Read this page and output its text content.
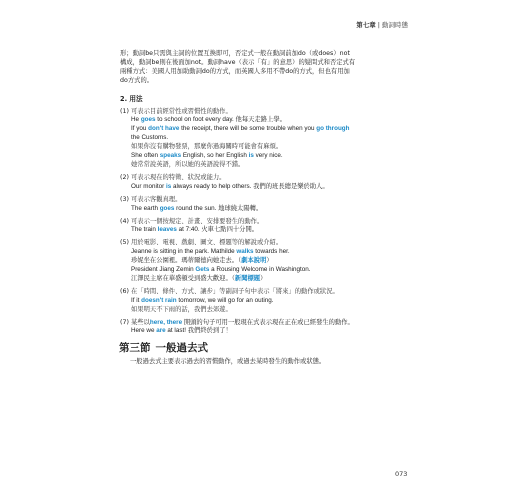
第七章 | 動詞時態

形；動詞be只需與主詞的位置互換即可，否定式一般在動詞前加do（或does）not
構成，動詞be則在後面加not。動詞have（表示「有」的意思）的疑問式和否定式有
兩種方式：美國人用加助動詞do的方式，而英國人多用不帶do的方式，但也有用加
do方式的。

2. 用法

(1) 可表示目前經常性或習慣性的動作。
He goes to school on foot every day. 他每天走路上學。
If you don't have the receipt, there will be some trouble when you go through
the Customs.
如果你沒有購物發票，那麼你過海關時可能會有麻煩。
She often speaks English, so her English is very nice.
她常常說英語，所以她的英語說得不錯。
(2) 可表示現在的特徵、狀況或能力。
Our monitor is always ready to help others. 我們的班長總是樂於助人。
(3) 可表示客觀真理。
The earth goes round the sun. 地球繞太陽轉。
(4) 可表示一個按規定、計畫、安排要發生的動作。
The train leaves at 7:40. 火車七點四十分開。
(5) 用於電影、電視、戲劇、圖文、標題等的解說或介紹。
Jeanne is sitting in the park. Mathilde walks towards her.
珍妮坐在公園裡。瑪蒂爾德向她走去。（劇本說明）
President Jiang Zemin Gets a Rousing Welcome in Washington.
江澤民主席在華盛頓受到盛大歡迎。（新聞標題）
(6) 在「時間、條件、方式、讓步」等副詞子句中表示「將來」的動作或狀況。
If it doesn't rain tomorrow, we will go for an outing.
如果明天不下雨的話，我們去郊遊。
(7) 某些以here, there 開頭的句子可用一般現在式表示現在正在或已經發生的動作。
Here we are at last! 我們終於到了！

第三節 一般過去式

一般過去式主要表示過去的習慣動作，或過去某時發生的動作或狀態。

073
